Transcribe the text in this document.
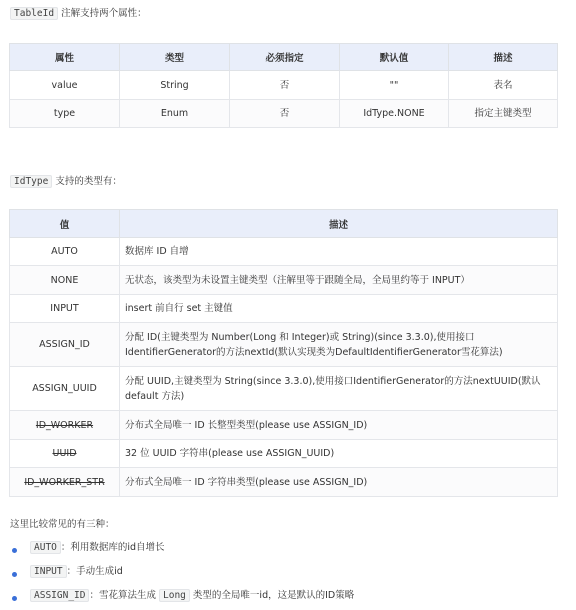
TableId 注解支持两个属性：
属性	类型	必须指定	默认值	描述
value	String	否	""	表名
type	Enum	否	IdType.NONE	指定主键类型
IdType 支持的类型有：
值	描述
AUTO	数据库 ID 自增
NONE	无状态，该类型为未设置主键类型（注解里等于跟随全局，全局里约等于 INPUT）
INPUT	insert 前自行 set 主键值
ASSIGN_ID	分配 ID(主键类型为 Number(Long 和 Integer)或 String)(since 3.3.0),使用接口IdentifierGenerator的方法nextId(默认实现类为DefaultIdentifierGenerator雪花算法)
ASSIGN_UUID	分配 UUID,主键类型为 String(since 3.3.0),使用接口IdentifierGenerator的方法nextUUID(默认default 方法)
ID_WORKER	分布式全局唯一 ID 长整型类型(please use ASSIGN_ID)
UUID	32 位 UUID 字符串(please use ASSIGN_UUID)
ID_WORKER_STR	分布式全局唯一 ID 字符串类型(please use ASSIGN_ID)
这里比较常见的有三种：
AUTO ：利用数据库的id自增长
INPUT ：手动生成id
ASSIGN_ID ：雪花算法生成 Long 类型的全局唯一id，这是默认的ID策略
